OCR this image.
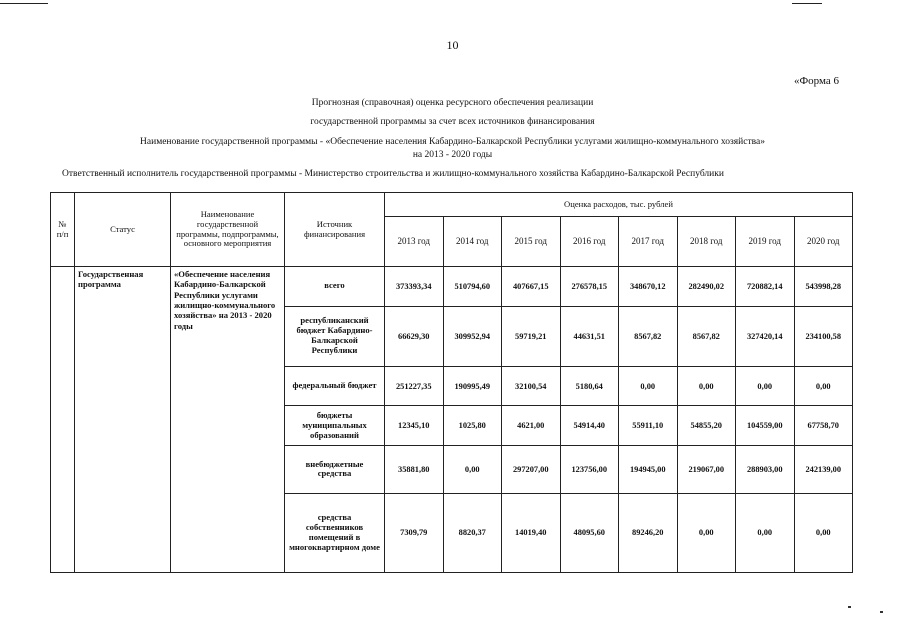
10
«Форма 6
Прогнозная (справочная) оценка ресурсного обеспечения реализации
государственной программы за счет всех источников финансирования
Наименование государственной программы - «Обеспечение населения Кабардино-Балкарской Республики услугами жилищно-коммунального хозяйства»
на 2013 - 2020 годы
Ответственный исполнитель государственной программы - Министерство строительства и жилищно-коммунального хозяйства Кабардино-Балкарской Республики
№ п/п	Статус	Наименование государственной программы, подпрограммы, основного мероприятия	Источник финансирования	Оценка расходов, тыс. рублей							
				2013 год	2014 год	2015 год	2016 год	2017 год	2018 год	2019 год	2020 год
	Государственная программа	«Обеспечение населения Кабардино-Балкарской Республики услугами жилищно-коммунального хозяйства» на 2013 - 2020 годы	всего	373393,34	510794,60	407667,15	276578,15	348670,12	282490,02	720882,14	543998,28
			республиканский бюджет Кабардино-Балкарской Республики	66629,30	309952,94	59719,21	44631,51	8567,82	8567,82	327420,14	234100,58
			федеральный бюджет	251227,35	190995,49	32100,54	5180,64	0,00	0,00	0,00	0,00
			бюджеты муниципальных образований	12345,10	1025,80	4621,00	54914,40	55911,10	54855,20	104559,00	67758,70
			внебюджетные средства	35881,80	0,00	297207,00	123756,00	194945,00	219067,00	288903,00	242139,00
			средства собственников помещений в многоквартирном доме	7309,79	8820,37	14019,40	48095,60	89246,20	0,00	0,00	0,00
